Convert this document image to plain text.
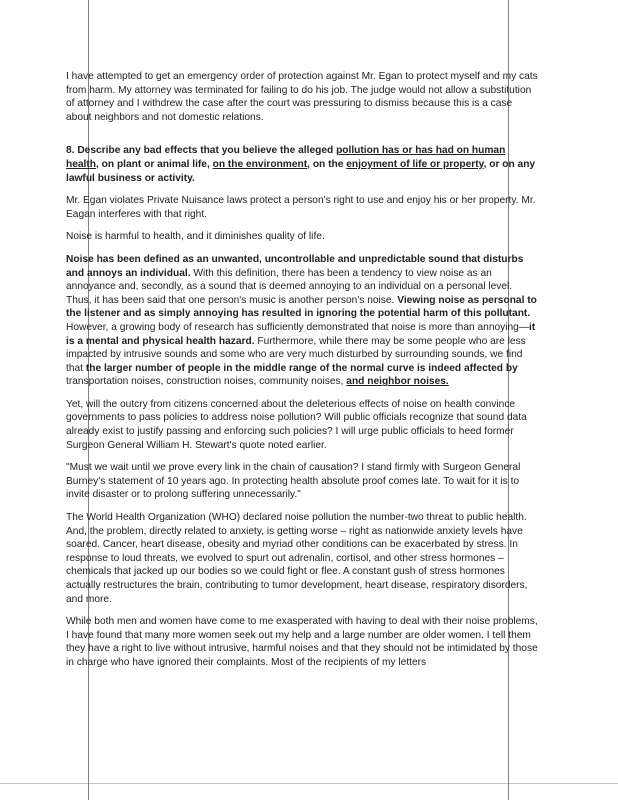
I have attempted to get an emergency order of protection against Mr. Egan to protect myself and my cats from harm. My attorney was terminated for failing to do his job. The judge would not allow a substitution of attorney and I withdrew the case after the court was pressuring to dismiss because this is a case about neighbors and not domestic relations.

8. Describe any bad effects that you believe the alleged pollution has or has had on human health, on plant or animal life, on the environment, on the enjoyment of life or property, or on any lawful business or activity.

Mr. Egan violates Private Nuisance laws protect a person's right to use and enjoy his or her property. Mr. Eagan interferes with that right.

Noise is harmful to health, and it diminishes quality of life.

Noise has been defined as an unwanted, uncontrollable and unpredictable sound that disturbs and annoys an individual. With this definition, there has been a tendency to view noise as an annoyance and, secondly, as a sound that is deemed annoying to an individual on a personal level. Thus, it has been said that one person's music is another person's noise. Viewing noise as personal to the listener and as simply annoying has resulted in ignoring the potential harm of this pollutant. However, a growing body of research has sufficiently demonstrated that noise is more than annoying—it is a mental and physical health hazard. Furthermore, while there may be some people who are less impacted by intrusive sounds and some who are very much disturbed by surrounding sounds, we find that the larger number of people in the middle range of the normal curve is indeed affected by transportation noises, construction noises, community noises, and neighbor noises.

Yet, will the outcry from citizens concerned about the deleterious effects of noise on health convince governments to pass policies to address noise pollution? Will public officials recognize that sound data already exist to justify passing and enforcing such policies? I will urge public officials to heed former Surgeon General William H. Stewart's quote noted earlier.

"Must we wait until we prove every link in the chain of causation? I stand firmly with Surgeon General Burney's statement of 10 years ago. In protecting health absolute proof comes late. To wait for it is to invite disaster or to prolong suffering unnecessarily."

The World Health Organization (WHO) declared noise pollution the number-two threat to public health. And, the problem, directly related to anxiety, is getting worse – right as nationwide anxiety levels have soared. Cancer, heart disease, obesity and myriad other conditions can be exacerbated by stress. In response to loud threats, we evolved to spurt out adrenalin, cortisol, and other stress hormones – chemicals that jacked up our bodies so we could fight or flee. A constant gush of stress hormones actually restructures the brain, contributing to tumor development, heart disease, respiratory disorders, and more.

While both men and women have come to me exasperated with having to deal with their noise problems, I have found that many more women seek out my help and a large number are older women. I tell them they have a right to live without intrusive, harmful noises and that they should not be intimidated by those in charge who have ignored their complaints. Most of the recipients of my letters
